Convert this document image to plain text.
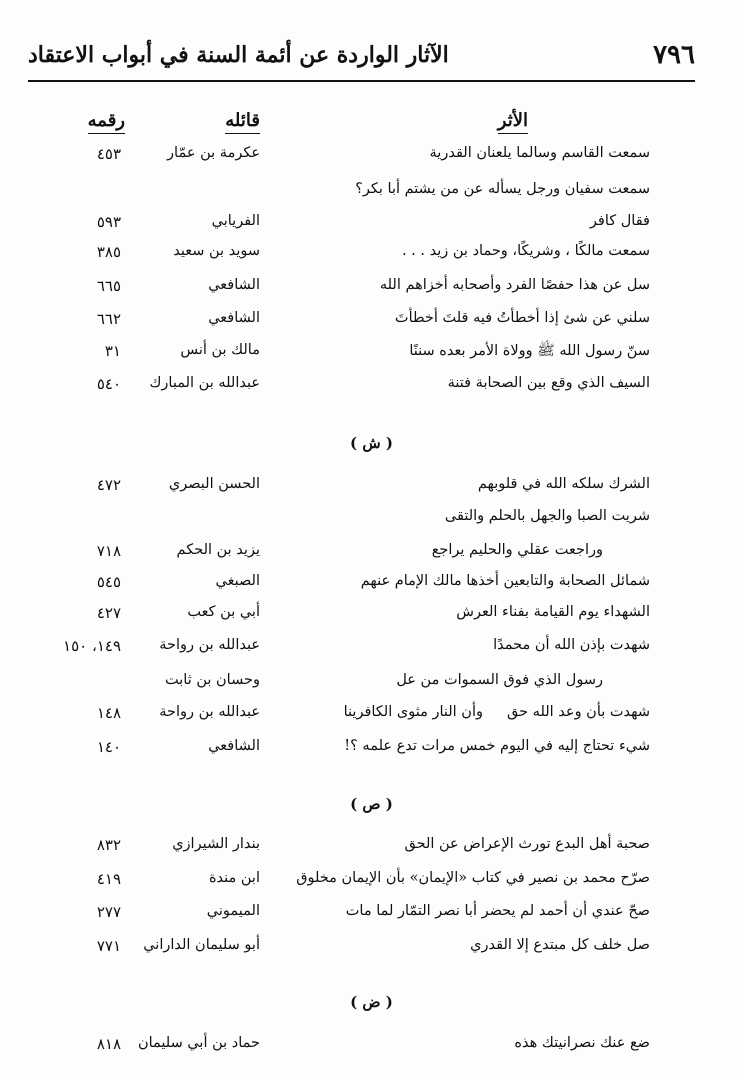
٧٩٦
الآثار الواردة عن أئمة السنة في أبواب الاعتقاد
الأثر
قائله
رقمه
سمعت القاسم وسالما يلعنان القدرية
عكرمة بن عمّار
٤٥٣
سمعت سفيان ورجل يسأله عن من يشتم أبا بكر؟
فقال كافر
الفريابي
٥٩٣
سمعت مالكًا ، وشريكًا، وحماد بن زيد . . .
سويد بن سعيد
٣٨٥
سل عن هذا حفصًا الفرد وأصحابه أخزاهم الله
الشافعي
٦٦٥
سلني عن شئ إذا أخطأتُ فيه قلتَ أخطأتَ
الشافعي
٦٦٢
سنّ رسول الله ﷺ وولاة الأمر بعده سننًا
مالك بن أنس
٣١
السيف الذي وقع بين الصحابة فتنة
عبدالله بن المبارك
٥٤٠
الشرك سلكه الله في قلوبهم
الحسن البصري
٤٧٢
شريت الصبا والجهل بالحلم والتقى
وراجعت عقلي والحليم يراجع
يزيد بن الحكم
٧١٨
شمائل الصحابة والتابعين أخذها مالك الإمام عنهم
الصبغي
٥٤٥
الشهداء يوم القيامة بفناء العرش
أبي بن كعب
٤٢٧
شهدت بإذن الله أن محمدًا
عبدالله بن رواحة
١٤٩، ١٥٠
رسول الذي فوق السموات من عل
وحسان بن ثابت
شهدت بأن وعد الله حق
وأن النار مثوى الكافرينا
عبدالله بن رواحة
١٤٨
شيء تحتاج إليه في اليوم خمس مرات تدع علمه ؟!
الشافعي
١٤٠
صحبة أهل البدع تورث الإعراض عن الحق
بندار الشيرازي
٨٣٢
صرّح محمد بن نصير في كتاب «الإيمان» بأن الإيمان مخلوق
ابن مندة
٤١٩
صحّ عندي أن أحمد لم يحضر أبا نصر التمّار لما مات
الميموني
٢٧٧
صل خلف كل مبتدع إلا القدري
أبو سليمان الداراني
٧٧١
ضع عنك نصرانيتك هذه
حماد بن أبي سليمان
٨١٨
( ش )
( ص )
( ض )
